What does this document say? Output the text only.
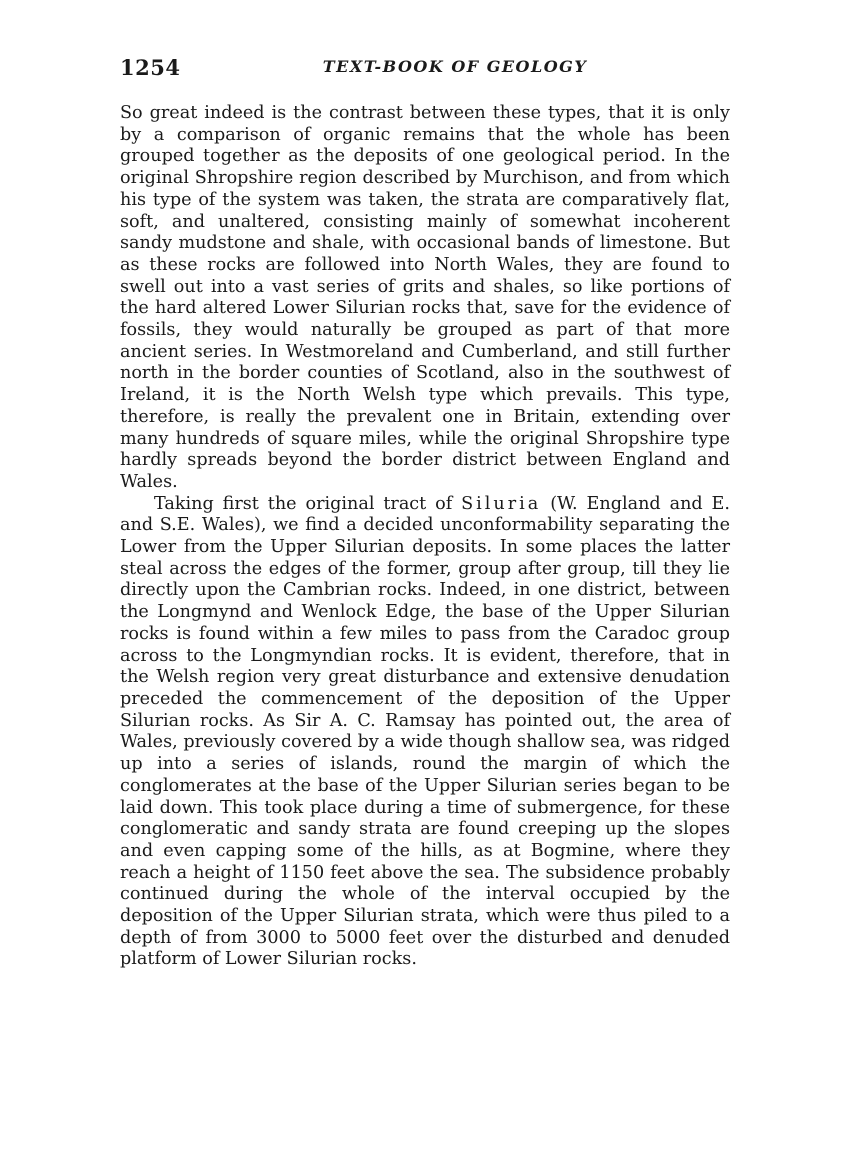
1254	TEXT-BOOK OF GEOLOGY

So great indeed is the contrast between these types, that it is only by a comparison of organic remains that the whole has been grouped together as the deposits of one geological period. In the original Shropshire region described by Murchison, and from which his type of the system was taken, the strata are comparatively flat, soft, and unaltered, consisting mainly of somewhat incoherent sandy mudstone and shale, with occasional bands of limestone. But as these rocks are followed into North Wales, they are found to swell out into a vast series of grits and shales, so like portions of the hard altered Lower Silurian rocks that, save for the evidence of fossils, they would naturally be grouped as part of that more ancient series. In Westmoreland and Cumberland, and still further north in the border counties of Scotland, also in the southwest of Ireland, it is the North Welsh type which prevails. This type, therefore, is really the prevalent one in Britain, extending over many hundreds of square miles, while the original Shropshire type hardly spreads beyond the border district between England and Wales.

Taking first the original tract of Siluria (W. England and E. and S.E. Wales), we find a decided unconformability separating the Lower from the Upper Silurian deposits. In some places the latter steal across the edges of the former, group after group, till they lie directly upon the Cambrian rocks. Indeed, in one district, between the Longmynd and Wenlock Edge, the base of the Upper Silurian rocks is found within a few miles to pass from the Caradoc group across to the Longmyndian rocks. It is evident, therefore, that in the Welsh region very great disturbance and extensive denudation preceded the commencement of the deposition of the Upper Silurian rocks. As Sir A. C. Ramsay has pointed out, the area of Wales, previously covered by a wide though shallow sea, was ridged up into a series of islands, round the margin of which the conglomerates at the base of the Upper Silurian series began to be laid down. This took place during a time of submergence, for these conglomeratic and sandy strata are found creeping up the slopes and even capping some of the hills, as at Bogmine, where they reach a height of 1150 feet above the sea. The subsidence probably continued during the whole of the interval occupied by the deposition of the Upper Silurian strata, which were thus piled to a depth of from 3000 to 5000 feet over the disturbed and denuded platform of Lower Silurian rocks.
